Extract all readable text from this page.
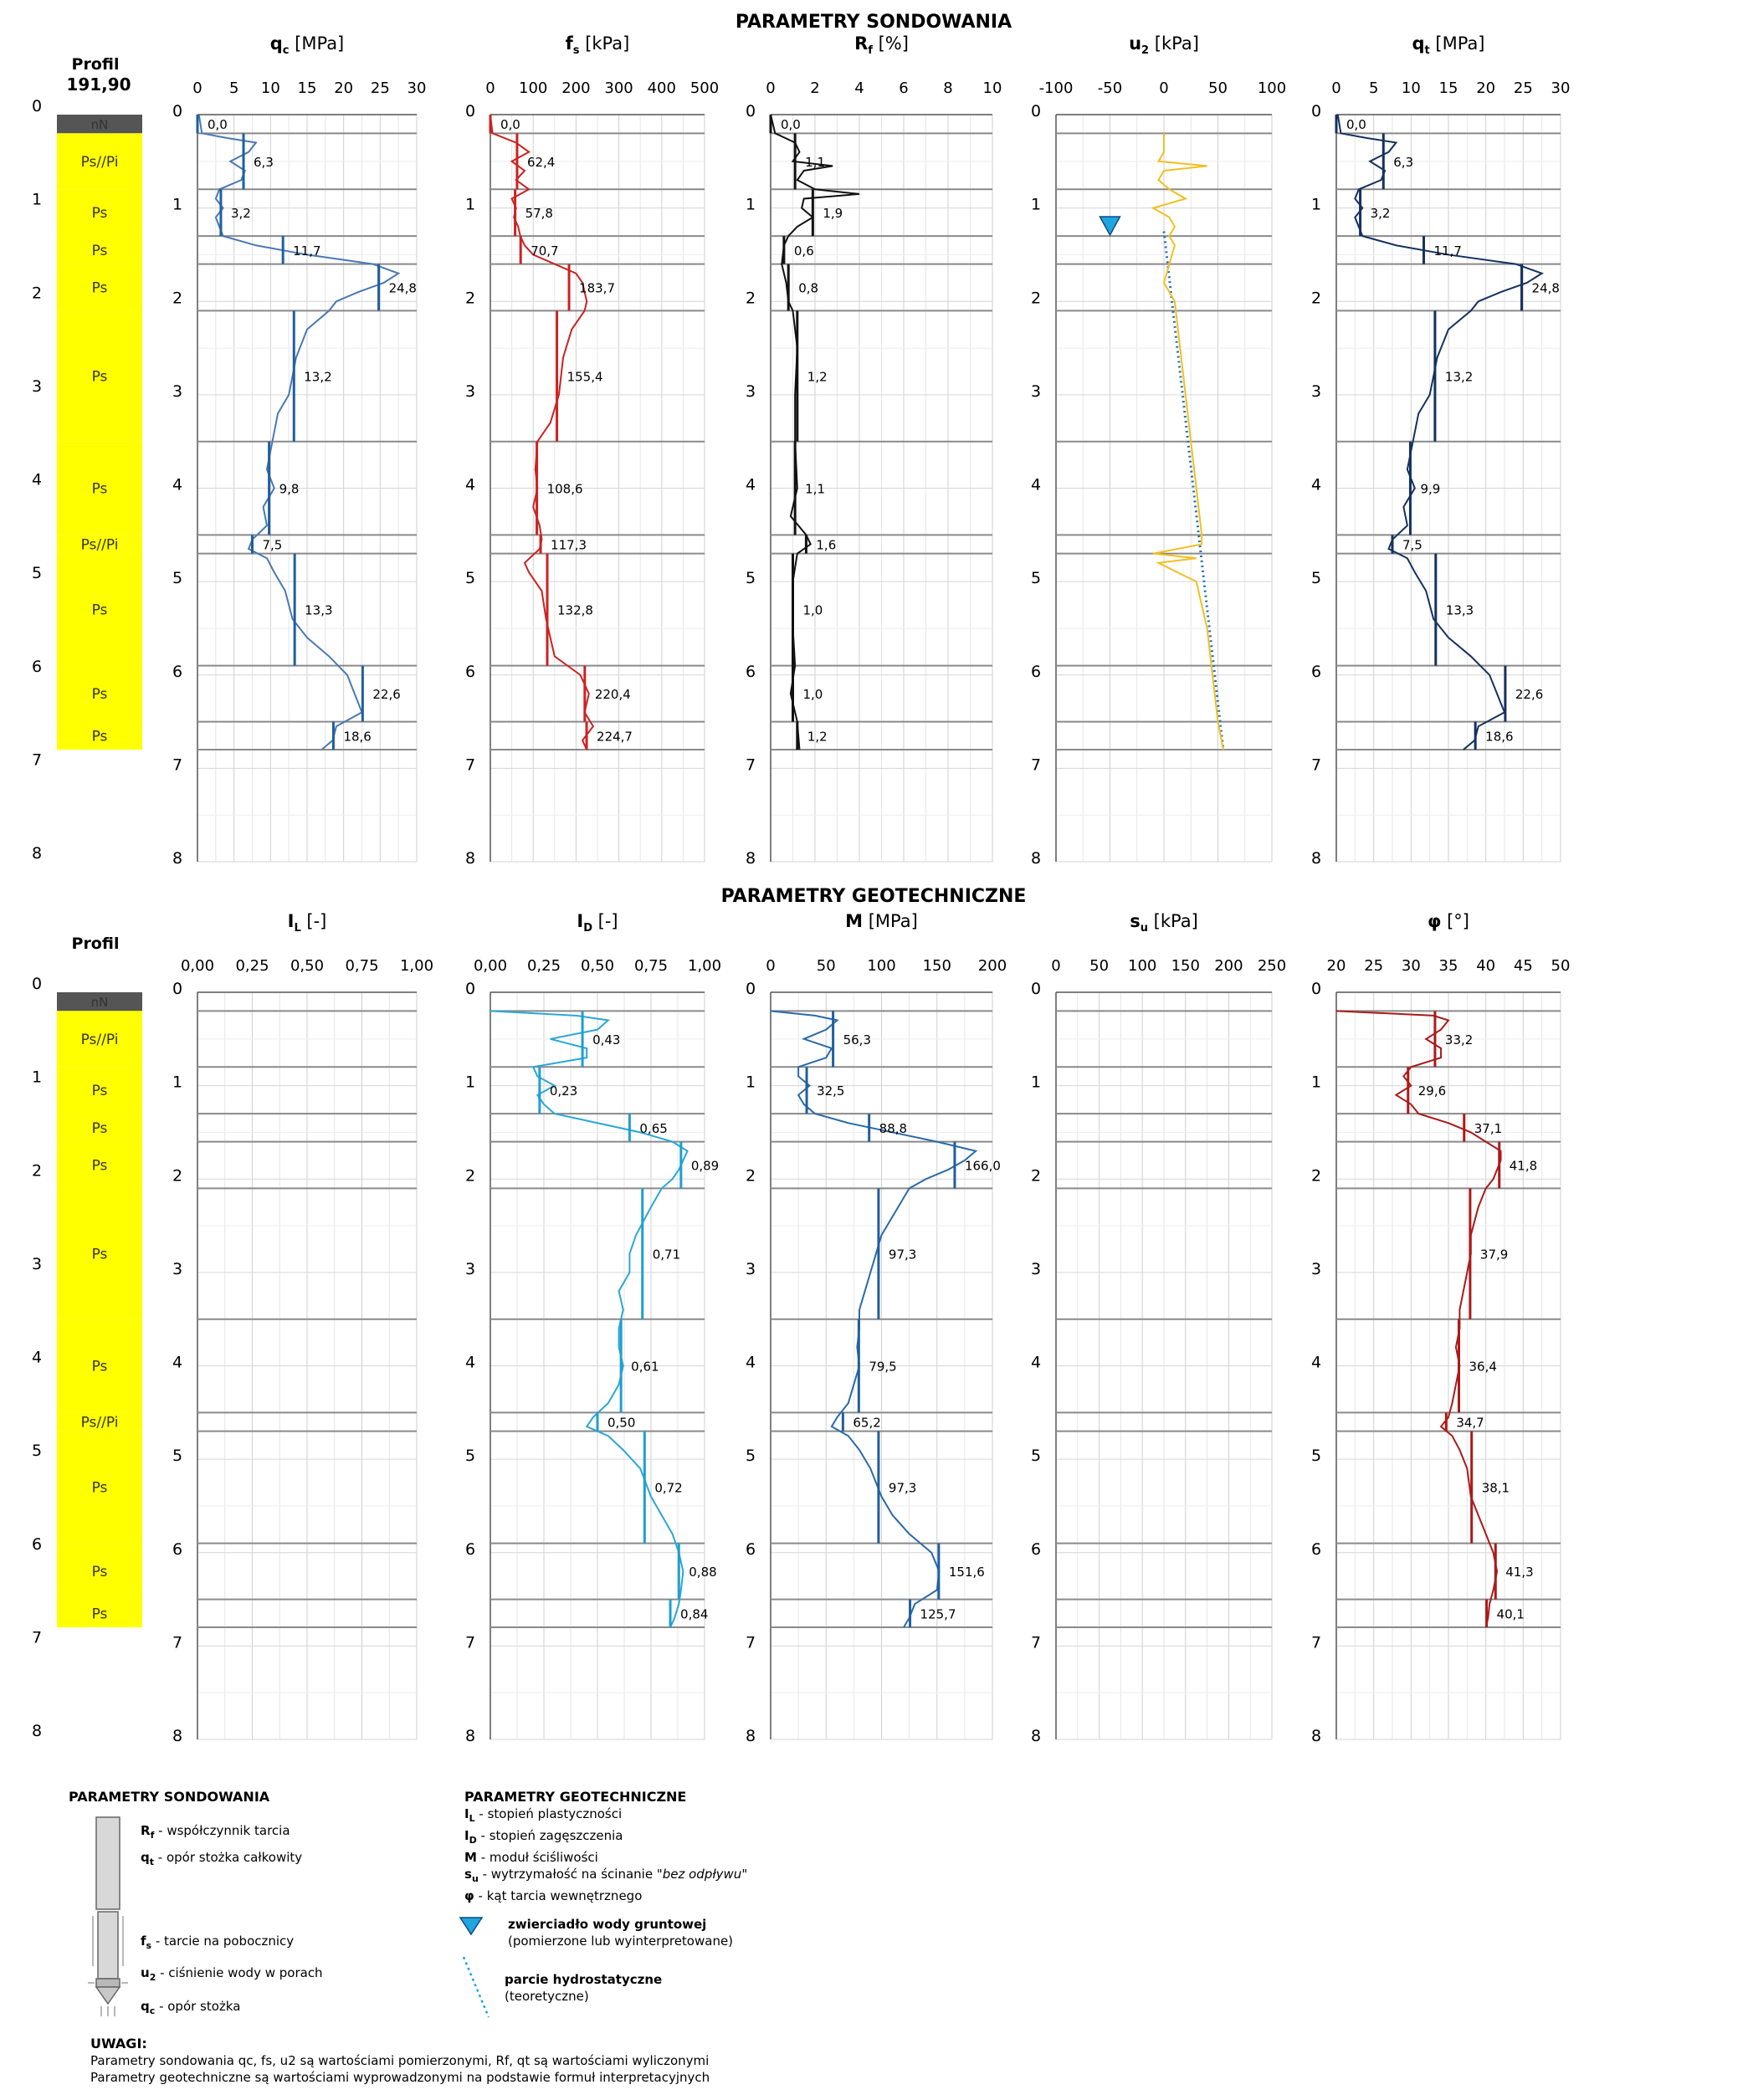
PARAMETRY SONDOWANIA
PARAMETRY GEOTECHNICZNE
Profil
191,90
Profil
0
1
2
3
4
5
6
7
8
nN
Ps//Pi
Ps
Ps
Ps
Ps
Ps
Ps//Pi
Ps
Ps
Ps
0
1
2
3
4
5
6
7
8
nN
Ps//Pi
Ps
Ps
Ps
Ps
Ps
Ps//Pi
Ps
Ps
Ps
$q_c$ [MPa]
0 5 10 15 20 25 30
0
1
2
3
4
5
6
7
8
0,0
6,3
3,2
11,7
24,8
13,2
9,8
7,5
13,3
22,6
18,6
$f_s$ [kPa]
0 100 200 300 400 500
0
1
2
3
4
5
6
7
8
0,0
62,4
57,8
70,7
183,7
155,4
108,6
117,3
132,8
220,4
224,7
$R_f$ [%]
0 2 4 6 8 10
0
1
2
3
4
5
6
7
8
0,0
1,1
1,9
0,6
0,8
1,2
1,1
1,6
1,0
1,0
1,2
$u_2$ [kPa]
-100 -50 0	50 100
0
1
2
3
4
5
6
7
8
$q_t$ [MPa]
0 5 10 15 20 25 30
0
1
2
3
4
5
6
7
8
0,0
6,3
3,2
11,7
24,8
13,2
9,9
7,5
13,3
22,6
18,6
$I_L$ [-]
0,00 0,25 0,50 0,75 1,00
0
1
2
3
4
5
6
7
8
$I_D$ [-]
0,00 0,25 0,50 0,75 1,00
0
1
2
3
4
5
6
7
8
0,43
0,23
0,65
0,89
0,71
0,61
0,50
0,72
0,88
0,84
M [MPa]
0	50 100 150 200
0
1
2
3
4
5
6
7
8
56,3
32,5
88,8
166,0
97,3
79,5
65,2
97,3
151,6
125,7
$s_u$ [kPa]
0 50 100 150 200 250
0
1
2
3
4
5
6
7
8
φ [°]
20 25 30 35 40 45 50
0
1
2
3
4
5
6
7
8
33,2
29,6
37,1
41,8
37,9
36,4
34,7
38,1
41,3
40,1
PARAMETRY SONDOWANIA
$R_f$ - współczynnik tarcia
$q_t$ - opór stożka całkowity
$f_s$ - tarcie na pobocznicy
$u_2$ - ciśnienie wody w porach
$q_c$ - opór stożka
PARAMETRY GEOTECHNICZNE
$I_L$ - stopień plastyczności
$I_D$ - stopień zagęszczenia
M - moduł ściśliwości
$s_u$ - wytrzymałość na ścinanie "bez odpływu"
φ - kąt tarcia wewnętrznego
zwierciadło wody gruntowej
(pomierzone lub wyinterpretowane)
parcie hydrostatyczne
(teoretyczne)
UWAGI:
Parametry sondowania qc, fs, u2 są wartościami pomierzonymi, Rf, qt są wartościami wyliczonymi
Parametry geotechniczne są wartościami wyprowadzonymi na podstawie formuł interpretacyjnych
